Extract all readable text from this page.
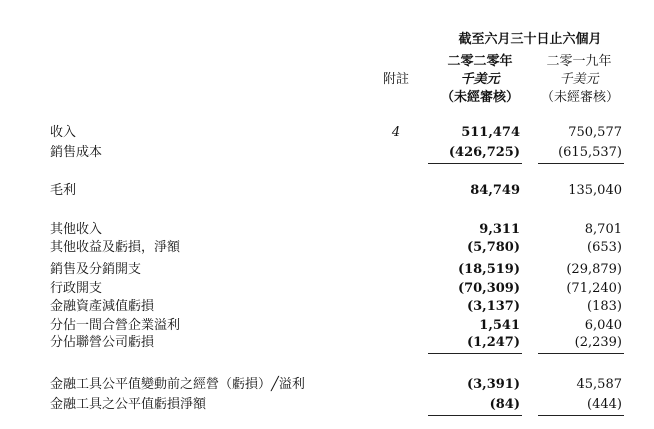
截至六月三十日止六個月
二零二零年	二零一九年
附註	千美元	千美元
（未經審核）	（未經審核）
收入	4	511,474	750,577
銷售成本	(426,725)	(615,537)
毛利	84,749	135,040
其他收入	9,311	8,701
其他收益及虧損，淨額	(5,780)	(653)
銷售及分銷開支	(18,519)	(29,879)
行政開支	(70,309)	(71,240)
金融資產減值虧損	(3,137)	(183)
分佔一間合營企業溢利	1,541	6,040
分佔聯營公司虧損	(1,247)	(2,239)
金融工具公平值變動前之經營（虧損）╱溢利	(3,391)	45,587
金融工具之公平值虧損淨額	(84)	(444)
